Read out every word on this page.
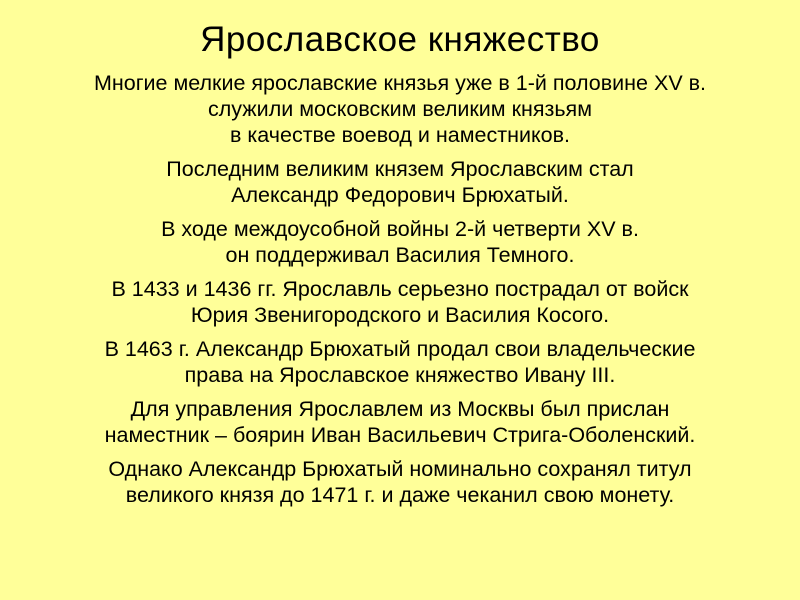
Ярославское княжество

Многие мелкие ярославские князья уже в 1-й половине XV в.
служили московским великим князьям
в качестве воевод и наместников.

Последним великим князем Ярославским стал
Александр Федорович Брюхатый.

В ходе междоусобной войны 2-й четверти XV в.
он поддерживал Василия Темного.

В 1433 и 1436 гг. Ярославль серьезно пострадал от войск
Юрия Звенигородского и Василия Косого.

В 1463 г. Александр Брюхатый продал свои владельческие
права на Ярославское княжество Ивану III.

Для управления Ярославлем из Москвы был прислан
наместник – боярин Иван Васильевич Стрига-Оболенский.

Однако Александр Брюхатый номинально сохранял титул
великого князя до 1471 г. и даже чеканил свою монету.
